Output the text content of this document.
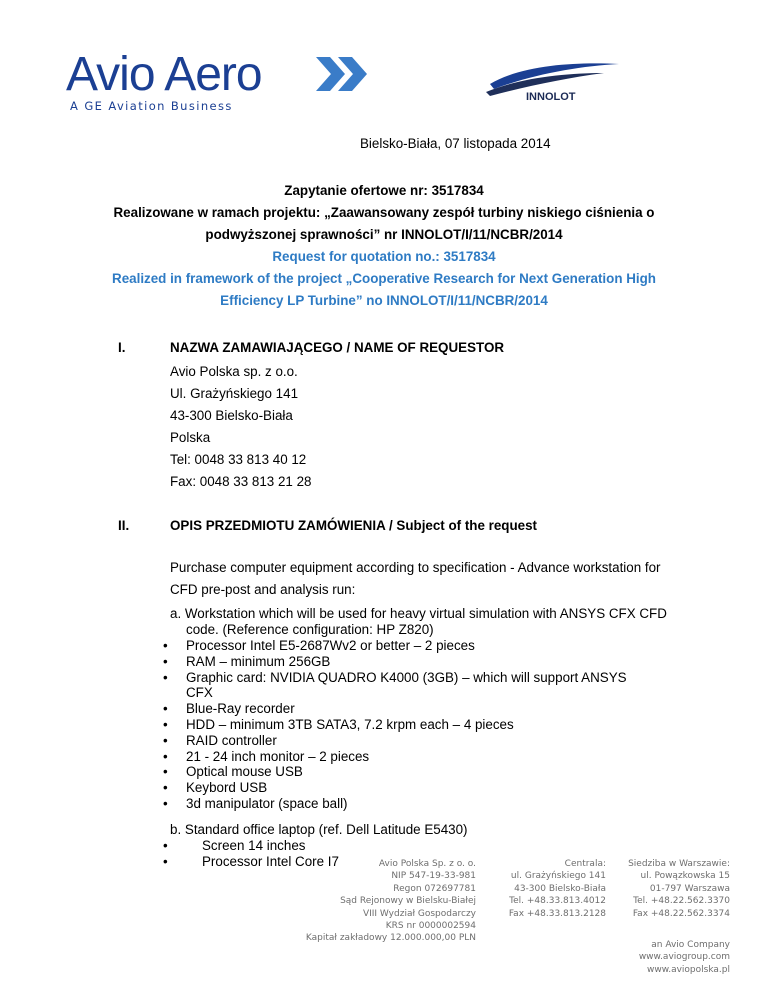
Avio Aero
A GE Aviation Business
INNOLOT
Bielsko-Biała, 07 listopada 2014
Zapytanie ofertowe nr: 3517834
Realizowane w ramach projektu: „Zaawansowany zespół turbiny niskiego ciśnienia o
podwyższonej sprawności” nr INNOLOT/I/11/NCBR/2014
Request for quotation no.: 3517834
Realized in framework of the project „Cooperative Research for Next Generation High
Efficiency LP Turbine” no INNOLOT/I/11/NCBR/2014
I.	NAZWA ZAMAWIAJĄCEGO / NAME OF REQUESTOR
Avio Polska sp. z o.o.
Ul. Grażyńskiego 141
43-300 Bielsko-Biała
Polska
Tel: 0048 33 813 40 12
Fax: 0048 33 813 21 28
II.	OPIS PRZEDMIOTU ZAMÓWIENIA / Subject of the request
Purchase computer equipment according to specification - Advance workstation for
CFD pre-post and analysis run:
a. Workstation which will be used for heavy virtual simulation with ANSYS CFX CFD
code. (Reference configuration: HP Z820)
• Processor Intel E5-2687Wv2 or better – 2 pieces
• RAM – minimum 256GB
• Graphic card: NVIDIA QUADRO K4000 (3GB) – which will support ANSYS
CFX
• Blue-Ray recorder
• HDD – minimum 3TB SATA3, 7.2 krpm each – 4 pieces
• RAID controller
• 21 - 24 inch monitor – 2 pieces
• Optical mouse USB
• Keybord USB
• 3d manipulator (space ball)
b. Standard office laptop (ref. Dell Latitude E5430)
• Screen 14 inches
• Processor Intel Core I7	Avio Polska Sp. z o. o.
NIP 547-19-33-981
Regon 072697781
Sąd Rejonowy w Bielsku-Białej
VIII Wydział Gospodarczy
KRS nr 0000002594
Kapitał zakładowy 12.000.000,00 PLN
Centrala:
ul. Grażyńskiego 141
43-300 Bielsko-Biała
Tel. +48.33.813.4012
Fax +48.33.813.2128
Siedziba w Warszawie:
ul. Powązkowska 15
01-797 Warszawa
Tel. +48.22.562.3370
Fax +48.22.562.3374
an Avio Company
www.aviogroup.com
www.aviopolska.pl
